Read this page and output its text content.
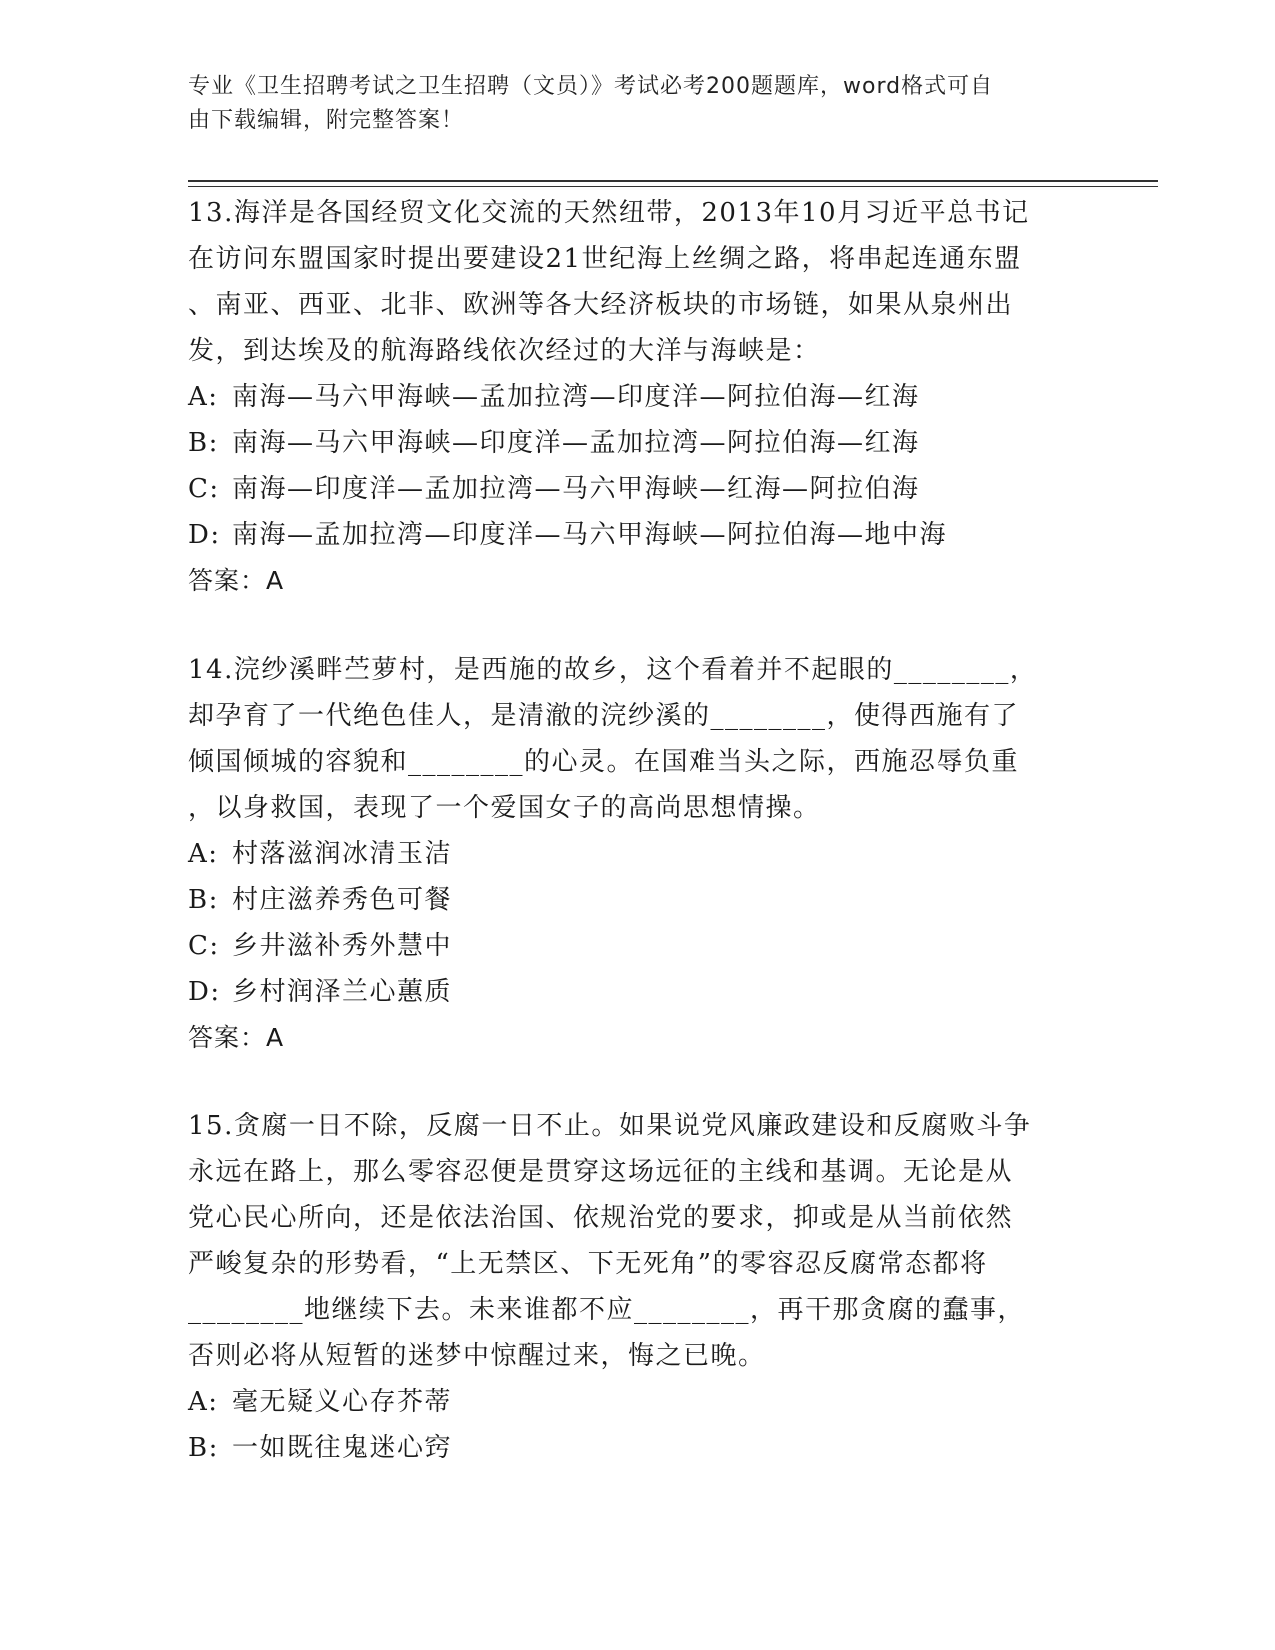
专业《卫生招聘考试之卫生招聘（文员）》考试必考200题题库，word格式可自
由下载编辑，附完整答案！

13.海洋是各国经贸文化交流的天然纽带，2013年10月习近平总书记

在访问东盟国家时提出要建设21世纪海上丝绸之路，将串起连通东盟

、南亚、西亚、北非、欧洲等各大经济板块的市场链，如果从泉州出

发，到达埃及的航海路线依次经过的大洋与海峡是：

A: 南海—马六甲海峡—孟加拉湾—印度洋—阿拉伯海—红海
B: 南海—马六甲海峡—印度洋—孟加拉湾—阿拉伯海—红海
C: 南海—印度洋—孟加拉湾—马六甲海峡—红海—阿拉伯海
D: 南海—孟加拉湾—印度洋—马六甲海峡—阿拉伯海—地中海

答案：A

14.浣纱溪畔苎萝村，是西施的故乡，这个看着并不起眼的________，

却孕育了一代绝色佳人，是清澈的浣纱溪的________，使得西施有了

倾国倾城的容貌和________的心灵。在国难当头之际，西施忍辱负重

，以身救国，表现了一个爱国女子的高尚思想情操。

A: 村落滋润冰清玉洁
B: 村庄滋养秀色可餐
C: 乡井滋补秀外慧中
D: 乡村润泽兰心蕙质

答案：A

15.贪腐一日不除，反腐一日不止。如果说党风廉政建设和反腐败斗争

永远在路上，那么零容忍便是贯穿这场远征的主线和基调。无论是从

党心民心所向，还是依法治国、依规治党的要求，抑或是从当前依然

严峻复杂的形势看，“上无禁区、下无死角”的零容忍反腐常态都将

________地继续下去。未来谁都不应________，再干那贪腐的蠢事，

否则必将从短暂的迷梦中惊醒过来，悔之已晚。

A: 毫无疑义心存芥蒂
B: 一如既往鬼迷心窍
